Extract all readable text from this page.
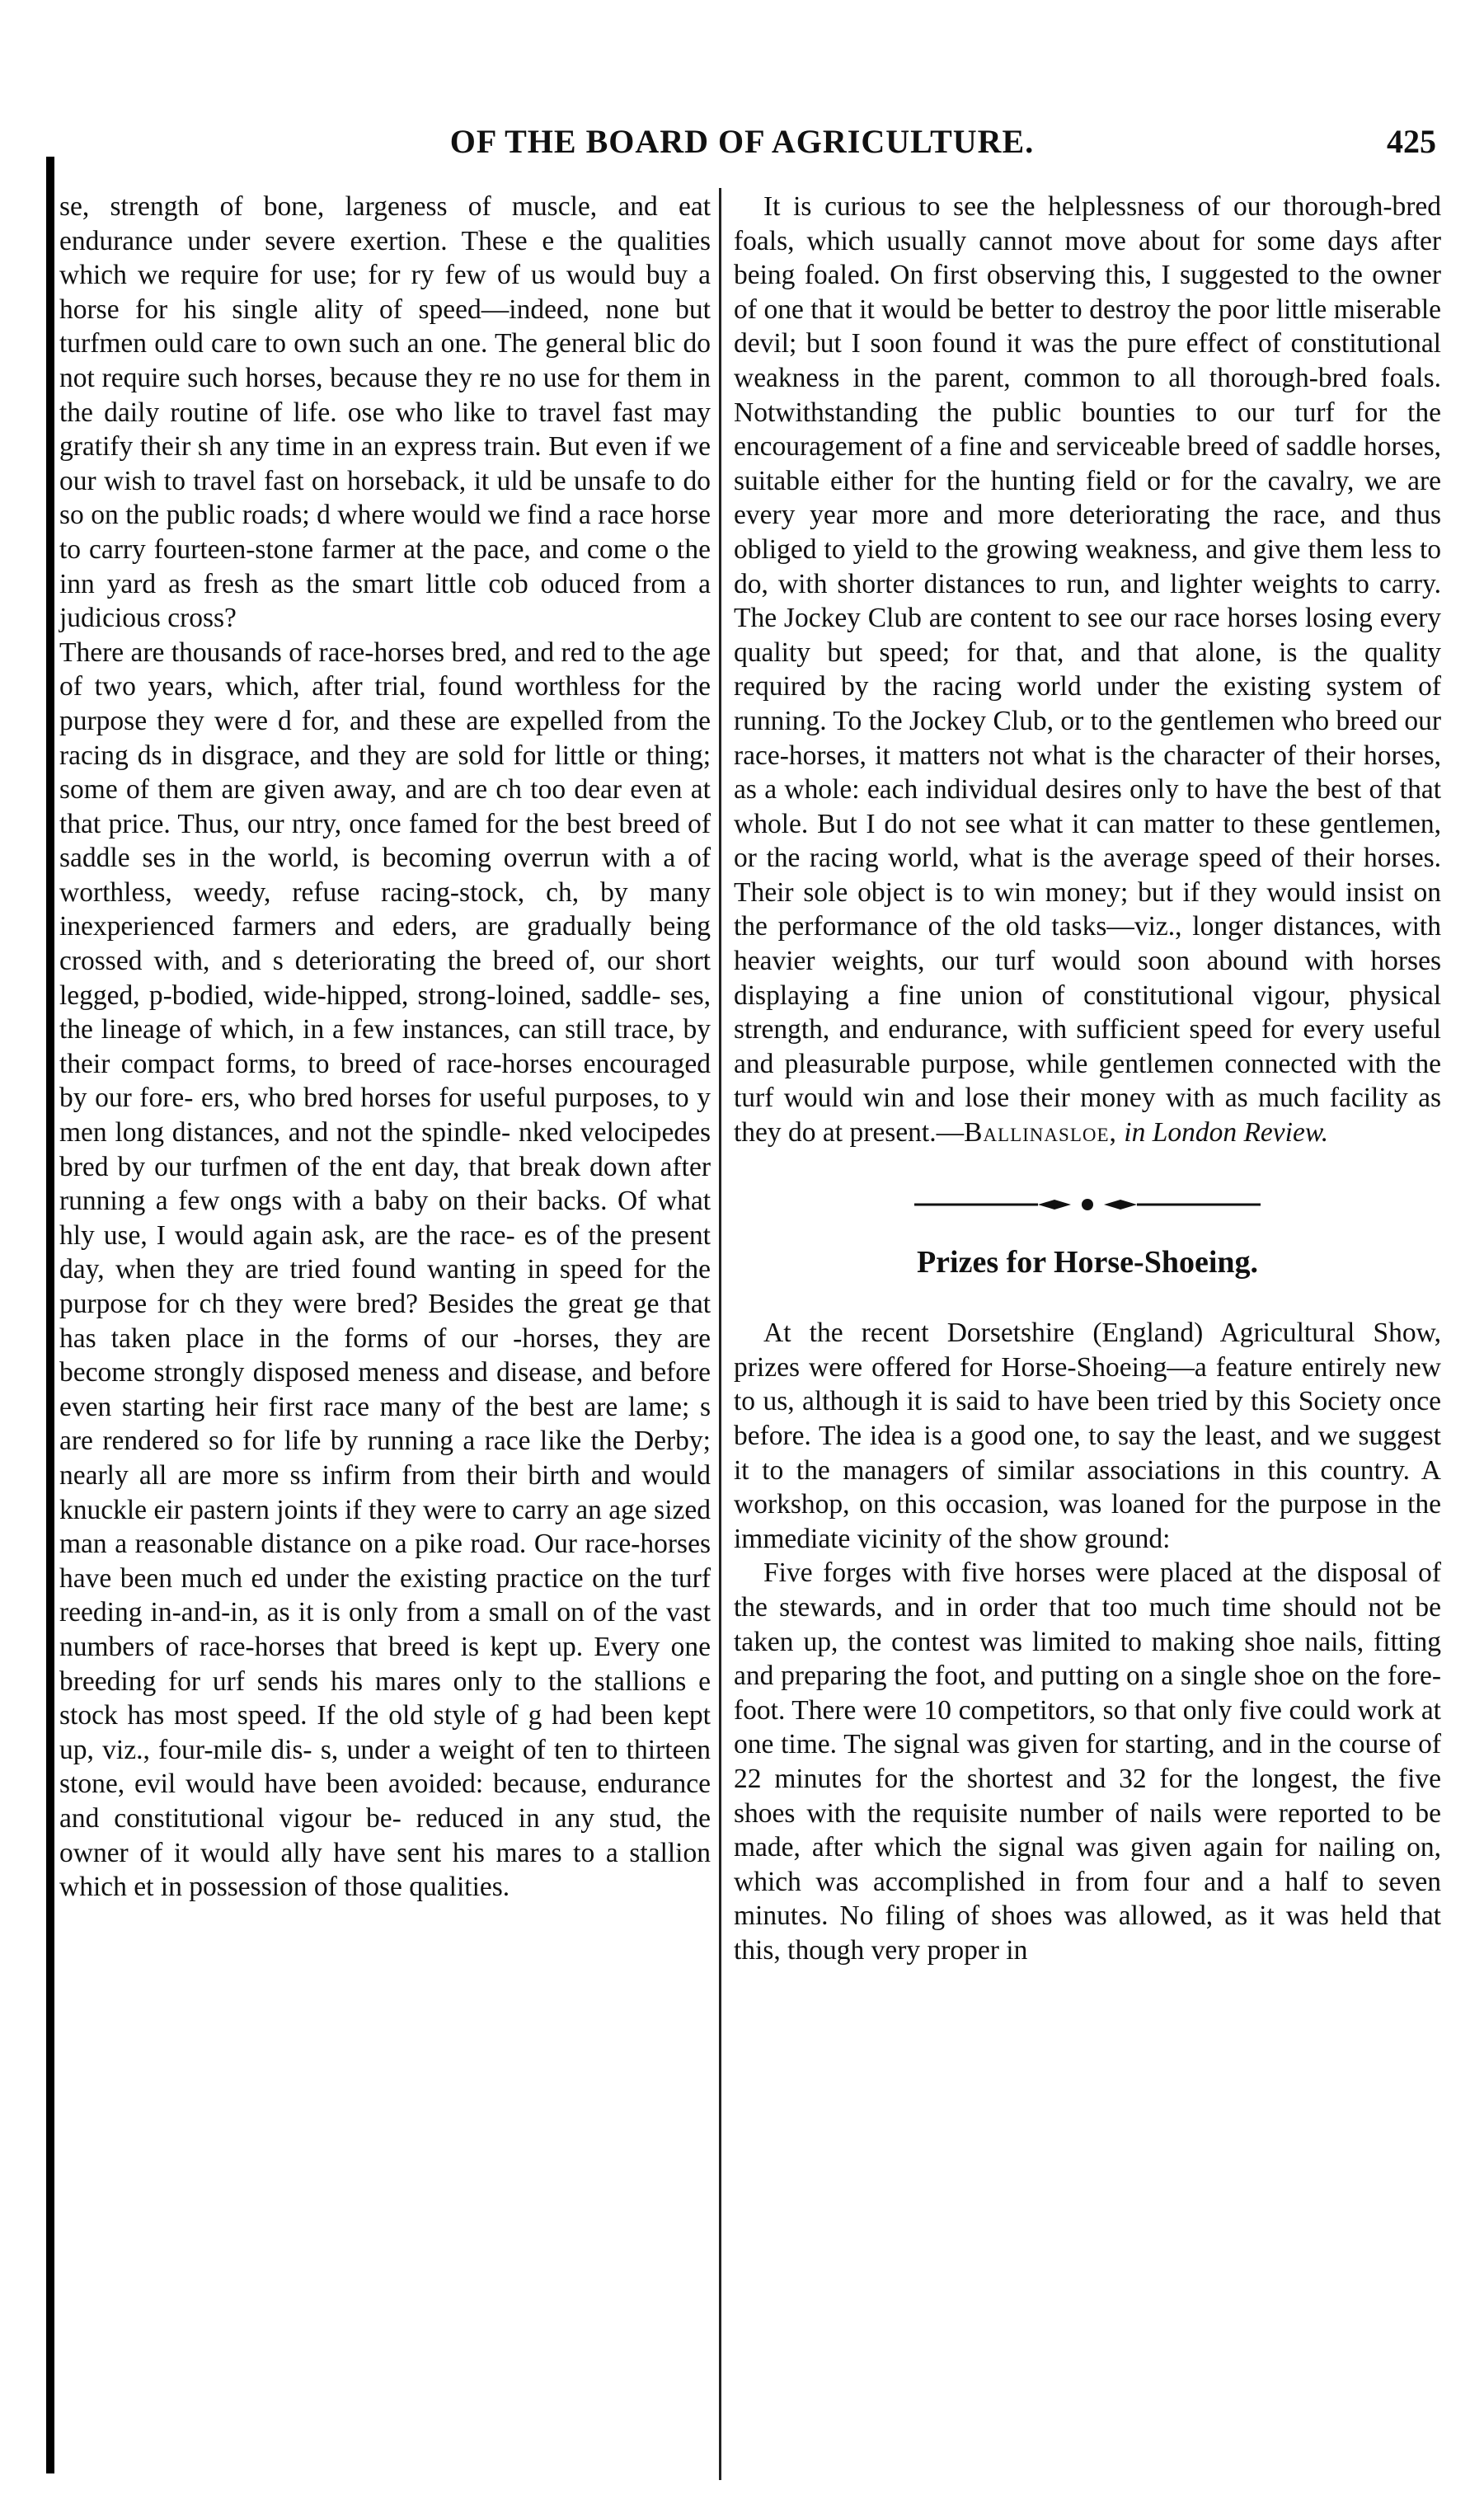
OF THE BOARD OF AGRICULTURE.	425

se, strength of bone, largeness of muscle, and eat endurance under severe exertion. These e the qualities which we require for use; for ry few of us would buy a horse for his single ality of speed—indeed, none but turfmen ould care to own such an one. The general blic do not require such horses, because they re no use for them in the daily routine of life. ose who like to travel fast may gratify their sh any time in an express train. But even if we our wish to travel fast on horseback, it uld be unsafe to do so on the public roads; d where would we find a race horse to carry fourteen-stone farmer at the pace, and come o the inn yard as fresh as the smart little cob oduced from a judicious cross?

There are thousands of race-horses bred, and red to the age of two years, which, after trial, found worthless for the purpose they were d for, and these are expelled from the racing ds in disgrace, and they are sold for little or thing; some of them are given away, and are ch too dear even at that price. Thus, our ntry, once famed for the best breed of saddle ses in the world, is becoming overrun with a of worthless, weedy, refuse racing-stock, ch, by many inexperienced farmers and eders, are gradually being crossed with, and s deteriorating the breed of, our short legged, p-bodied, wide-hipped, strong-loined, saddle- ses, the lineage of which, in a few instances, can still trace, by their compact forms, to breed of race-horses encouraged by our fore- ers, who bred horses for useful purposes, to y men long distances, and not the spindle- nked velocipedes bred by our turfmen of the ent day, that break down after running a few ongs with a baby on their backs. Of what hly use, I would again ask, are the race- es of the present day, when they are tried found wanting in speed for the purpose for ch they were bred? Besides the great ge that has taken place in the forms of our -horses, they are become strongly disposed meness and disease, and before even starting heir first race many of the best are lame; s are rendered so for life by running a race like the Derby; nearly all are more ss infirm from their birth and would knuckle eir pastern joints if they were to carry an age sized man a reasonable distance on a pike road. Our race-horses have been much ed under the existing practice on the turf reeding in-and-in, as it is only from a small on of the vast numbers of race-horses that breed is kept up. Every one breeding for urf sends his mares only to the stallions e stock has most speed. If the old style of g had been kept up, viz., four-mile dis- s, under a weight of ten to thirteen stone, evil would have been avoided: because, endurance and constitutional vigour be- reduced in any stud, the owner of it would ally have sent his mares to a stallion which et in possession of those qualities.

It is curious to see the helplessness of our thorough-bred foals, which usually cannot move about for some days after being foaled. On first observing this, I suggested to the owner of one that it would be better to destroy the poor little miserable devil; but I soon found it was the pure effect of constitutional weakness in the parent, common to all thorough-bred foals. Notwithstanding the public bounties to our turf for the encouragement of a fine and serviceable breed of saddle horses, suitable either for the hunting field or for the cavalry, we are every year more and more deteriorating the race, and thus obliged to yield to the growing weakness, and give them less to do, with shorter distances to run, and lighter weights to carry. The Jockey Club are content to see our race horses losing every quality but speed; for that, and that alone, is the quality required by the racing world under the existing system of running. To the Jockey Club, or to the gentlemen who breed our race-horses, it matters not what is the character of their horses, as a whole: each individual desires only to have the best of that whole. But I do not see what it can matter to these gentlemen, or the racing world, what is the average speed of their horses. Their sole object is to win money; but if they would insist on the performance of the old tasks—viz., longer distances, with heavier weights, our turf would soon abound with horses displaying a fine union of constitutional vigour, physical strength, and endurance, with sufficient speed for every useful and pleasurable purpose, while gentlemen connected with the turf would win and lose their money with as much facility as they do at present.—Ballinasloe, in London Review.

Prizes for Horse-Shoeing.

At the recent Dorsetshire (England) Agricultural Show, prizes were offered for Horse-Shoeing—a feature entirely new to us, although it is said to have been tried by this Society once before. The idea is a good one, to say the least, and we suggest it to the managers of similar associations in this country. A workshop, on this occasion, was loaned for the purpose in the immediate vicinity of the show ground:

Five forges with five horses were placed at the disposal of the stewards, and in order that too much time should not be taken up, the contest was limited to making shoe nails, fitting and preparing the foot, and putting on a single shoe on the fore-foot. There were 10 competitors, so that only five could work at one time. The signal was given for starting, and in the course of 22 minutes for the shortest and 32 for the longest, the five shoes with the requisite number of nails were reported to be made, after which the signal was given again for nailing on, which was accomplished in from four and a half to seven minutes. No filing of shoes was allowed, as it was held that this, though very proper in
